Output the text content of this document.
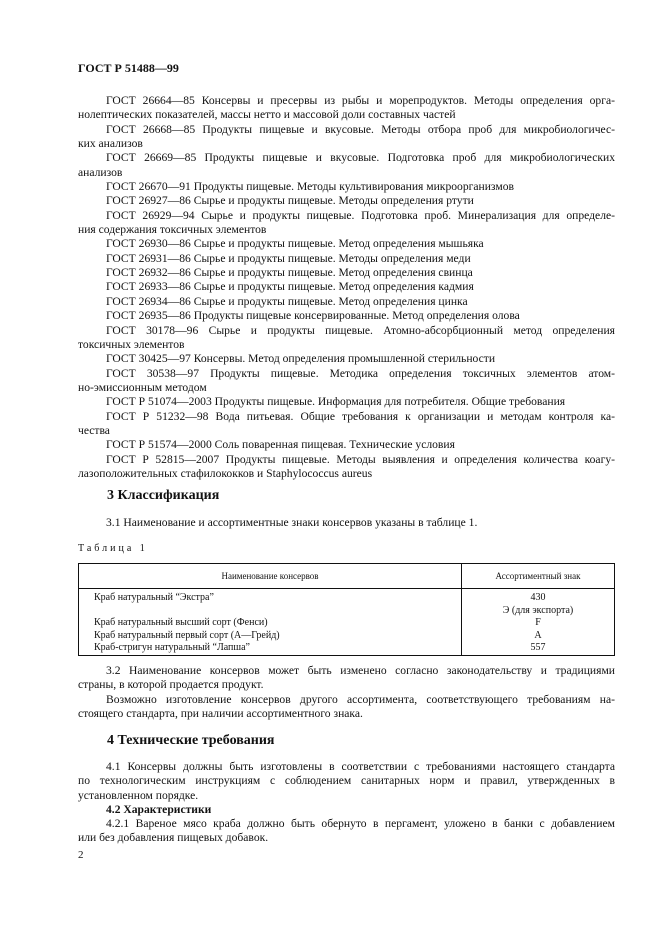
ГОСТ Р 51488—99
ГОСТ 26664—85 Консервы и пресервы из рыбы и морепродуктов. Методы определения орга-
нолептических показателей, массы нетто и массовой доли составных частей
ГОСТ 26668—85 Продукты пищевые и вкусовые. Методы отбора проб для микробиологичес-
ких анализов
ГОСТ 26669—85 Продукты пищевые и вкусовые. Подготовка проб для микробиологических
анализов
ГОСТ 26670—91 Продукты пищевые. Методы культивирования микроорганизмов
ГОСТ 26927—86 Сырье и продукты пищевые. Методы определения ртути
ГОСТ 26929—94 Сырье и продукты пищевые. Подготовка проб. Минерализация для определе-
ния содержания токсичных элементов
ГОСТ 26930—86 Сырье и продукты пищевые. Метод определения мышьяка
ГОСТ 26931—86 Сырье и продукты пищевые. Методы определения меди
ГОСТ 26932—86 Сырье и продукты пищевые. Метод определения свинца
ГОСТ 26933—86 Сырье и продукты пищевые. Метод определения кадмия
ГОСТ 26934—86 Сырье и продукты пищевые. Метод определения цинка
ГОСТ 26935—86 Продукты пищевые консервированные. Метод определения олова
ГОСТ 30178—96 Сырье и продукты пищевые. Атомно-абсорбционный метод определения
токсичных элементов
ГОСТ 30425—97 Консервы. Метод определения промышленной стерильности
ГОСТ 30538—97 Продукты пищевые. Методика определения токсичных элементов атом-
но-эмиссионным методом
ГОСТ Р 51074—2003 Продукты пищевые. Информация для потребителя. Общие требования
ГОСТ Р 51232—98 Вода питьевая. Общие требования к организации и методам контроля ка-
чества
ГОСТ Р 51574—2000 Соль поваренная пищевая. Технические условия
ГОСТ Р 52815—2007 Продукты пищевые. Методы выявления и определения количества коагу-
лазоположительных стафилококков и Staphylococcus aureus
3 Классификация
3.1 Наименование и ассортиментные знаки консервов указаны в таблице 1.
Таблица 1
Наименование консервов	Ассортиментный знак
Краб натуральный “Экстра”	430
	Э (для экспорта)
Краб натуральный высший сорт (Фенси)	F
Краб натуральный первый сорт (А—Грейд)	А
Краб-стригун натуральный “Лапша”	557
3.2 Наименование консервов может быть изменено согласно законодательству и традициями
страны, в которой продается продукт.
Возможно изготовление консервов другого ассортимента, соответствующего требованиям на-
стоящего стандарта, при наличии ассортиментного знака.
4 Технические требования
4.1 Консервы должны быть изготовлены в соответствии с требованиями настоящего стандарта
по технологическим инструкциям с соблюдением санитарных норм и правил, утвержденных в
установленном порядке.
4.2 Характеристики
4.2.1 Вареное мясо краба должно быть обернуто в пергамент, уложено в банки с добавлением
или без добавления пищевых добавок.
2
